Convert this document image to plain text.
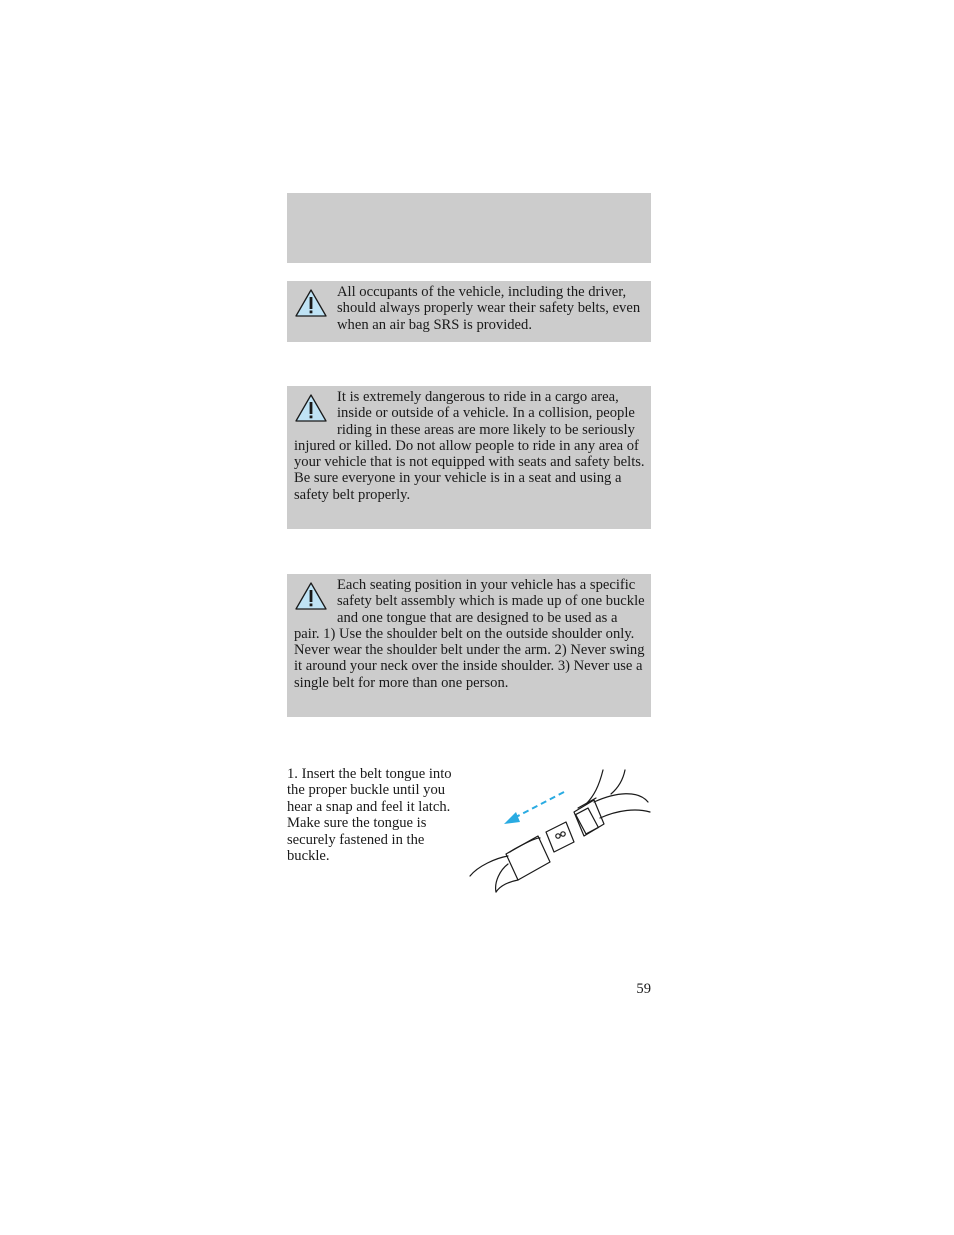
All occupants of the vehicle, including the driver, should always properly wear their safety belts, even when an air bag SRS is provided.

It is extremely dangerous to ride in a cargo area, inside or outside of a vehicle. In a collision, people riding in these areas are more likely to be seriously injured or killed. Do not allow people to ride in any area of your vehicle that is not equipped with seats and safety belts. Be sure everyone in your vehicle is in a seat and using a safety belt properly.

Each seating position in your vehicle has a specific safety belt assembly which is made up of one buckle and one tongue that are designed to be used as a pair. 1) Use the shoulder belt on the outside shoulder only. Never wear the shoulder belt under the arm. 2) Never swing it around your neck over the inside shoulder. 3) Never use a single belt for more than one person.

1. Insert the belt tongue into the proper buckle until you hear a snap and feel it latch. Make sure the tongue is securely fastened in the buckle.

59
